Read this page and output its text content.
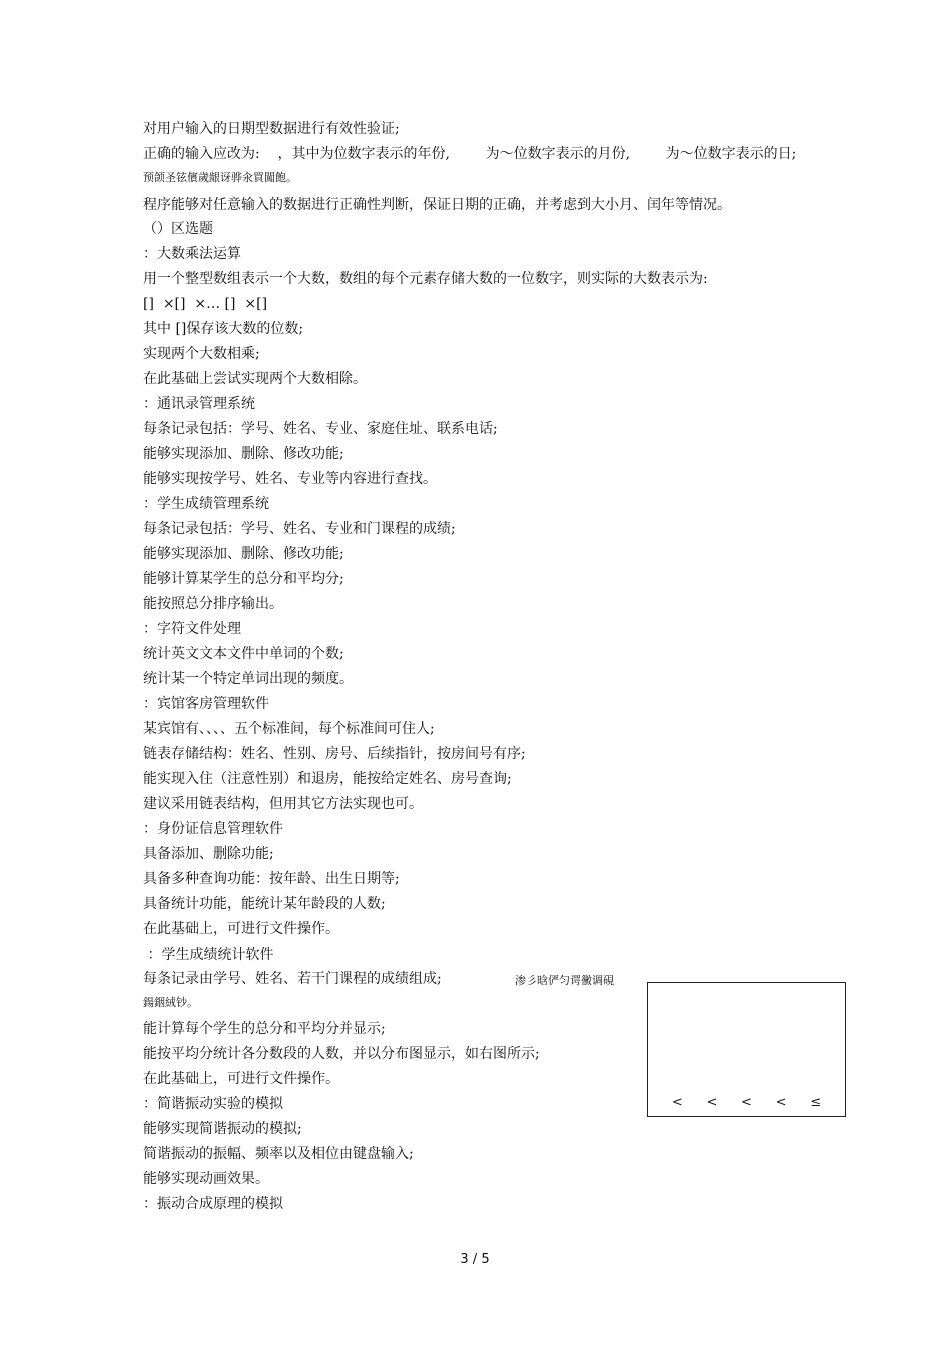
对用户输入的日期型数据进行有效性验证;
正确的输入应改为:    ，其中为位数字表示的年份,        为～位数字表示的月份,        为～位数字表示的日;
预颌圣铉儐歲龈讶骅汆買闖飽。
程序能够对任意输入的数据进行正确性判断，保证日期的正确，并考虑到大小月、闰年等情况。
（）区选题
：大数乘法运算
用一个整型数组表示一个大数，数组的每个元素存储大数的一位数字，则实际的大数表示为:
[]  ×[]  ×… []  ×[]
其中 []保存该大数的位数;
实现两个大数相乘;
在此基础上尝试实现两个大数相除。
：通讯录管理系统
每条记录包括：学号、姓名、专业、家庭住址、联系电话;
能够实现添加、删除、修改功能;
能够实现按学号、姓名、专业等内容进行查找。
：学生成绩管理系统
每条记录包括：学号、姓名、专业和门课程的成绩;
能够实现添加、删除、修改功能;
能够计算某学生的总分和平均分;
能按照总分排序输出。
：字符文件处理
统计英文文本文件中单词的个数;
统计某一个特定单词出现的频度。
：宾馆客房管理软件
某宾馆有、、、、五个标准间，每个标准间可住人;
链表存储结构：姓名、性别、房号、后续指针，按房间号有序;
能实现入住（注意性别）和退房，能按给定姓名、房号查询;
建议采用链表结构，但用其它方法实现也可。
：身份证信息管理软件
具备添加、删除功能;
具备多种查询功能：按年龄、出生日期等;
具备统计功能，能统计某年龄段的人数;
在此基础上，可进行文件操作。
：学生成绩统计软件
每条记录由学号、姓名、若干门课程的成绩组成;
鍚銦絨钞。
能计算每个学生的总分和平均分并显示;
能按平均分统计各分数段的人数，并以分布图显示，如右图所示;
在此基础上，可进行文件操作。
：简谐振动实验的模拟
能够实现简谐振动的模拟;
简谐振动的振幅、频率以及相位由键盘输入;
能够实现动画效果。
：振动合成原理的模拟
渗彡晗俨匀谔黴调硯
< < < < ≤
3 / 5
